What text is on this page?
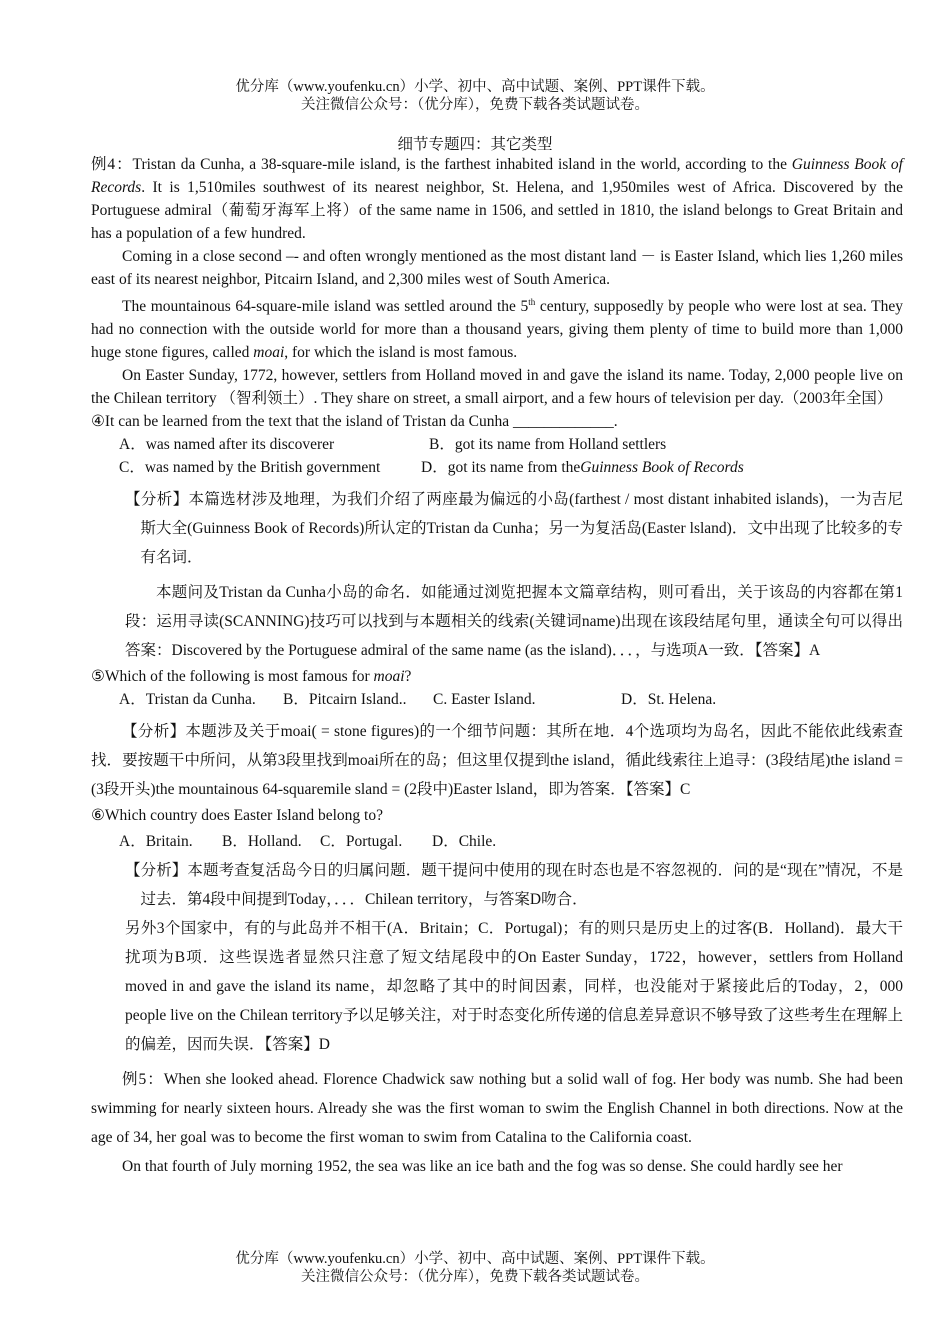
优分库（www.youfenku.cn）小学、初中、高中试题、案例、PPT课件下载。
关注微信公众号：（优分库），免费下载各类试题试卷。
细节专题四：其它类型

例4：Tristan da Cunha, a 38-square-mile island, is the farthest inhabited island in the world, according to the Guinness Book of Records. It is 1,510miles southwest of its nearest neighbor, St. Helena, and 1,950miles west of Africa. Discovered by the Portuguese admiral（葡萄牙海军上将）of the same name in 1506, and settled in 1810, the island belongs to Great Britain and has a population of a few hundred.

Coming in a close second –- and often wrongly mentioned as the most distant land － is Easter Island, which lies 1,260 miles east of its nearest neighbor, Pitcairn Island, and 2,300 miles west of South America.

The mountainous 64-square-mile island was settled around the 5th century, supposedly by people who were lost at sea. They had no connection with the outside world for more than a thousand years, giving them plenty of time to build more than 1,000 huge stone figures, called moai, for which the island is most famous.

On Easter Sunday, 1772, however, settlers from Holland moved in and gave the island its name. Today, 2,000 people live on the Chilean territory （智利领土）. They share on street, a small airport, and a few hours of television per day.（2003年全国）

④It can be learned from the text that the island of Tristan da Cunha _____________.

A．was named after its discoverer	B．got its name from Holland settlers

C．was named by the British government	D．got its name from theGuinness Book of Records

【分析】本篇选材涉及地理，为我们介绍了两座最为偏远的小岛(farthest / most distant inhabited islands)，一为吉尼斯大全(Guinness Book of Records)所认定的Tristan da Cunha；另一为复活岛(Easter lsland)．文中出现了比较多的专有名词．

本题问及Tristan da Cunha小岛的命名．如能通过浏览把握本文篇章结构，则可看出，关于该岛的内容都在第1段：运用寻读(SCANNING)技巧可以找到与本题相关的线索(关键词name)出现在该段结尾句里，通读全句可以得出答案：Discovered by the Portuguese admiral of the same name (as the island)．．．，与选项A一致．【答案】A

⑤Which of the following is most famous for moai?

A．Tristan da Cunha. B．Pitcairn Island.. C. Easter Island.	D．St. Helena.

【分析】本题涉及关于moai( = stone figures)的一个细节问题：其所在地．4个选项均为岛名，因此不能依此线索查找．要按题干中所问，从第3段里找到moai所在的岛；但这里仅提到the island，循此线索往上追寻：(3段结尾)the island = (3段开头)the mountainous 64-squaremile sland = (2段中)Easter lsland，即为答案．【答案】C

⑥Which country does Easter Island belong to?

A．Britain. B．Holland. C．Portugal. D．Chile.

【分析】本题考查复活岛今日的归属问题．题干提问中使用的现在时态也是不容忽视的．问的是“现在”情况，不是过去．第4段中间提到Today，．．．Chilean territory，与答案D吻合．

另外3个国家中，有的与此岛并不相干(A．Britain；C．Portugal)；有的则只是历史上的过客(B．Holland)．最大干扰项为B项．这些误选者显然只注意了短文结尾段中的On Easter Sunday，1722，however，settlers from Holland moved in and gave the island its name，却忽略了其中的时间因素，同样，也没能对于紧接此后的Today，2，000 people live on the Chilean territory予以足够关注，对于时态变化所传递的信息差异意识不够导致了这些考生在理解上的偏差，因而失误．【答案】D

例5：When she looked ahead. Florence Chadwick saw nothing but a solid wall of fog. Her body was numb. She had been swimming for nearly sixteen hours. Already she was the first woman to swim the English Channel in both directions. Now at the age of 34, her goal was to become the first woman to swim from Catalina to the California coast.

On that fourth of July morning 1952, the sea was like an ice bath and the fog was so dense. She could hardly see her

优分库（www.youfenku.cn）小学、初中、高中试题、案例、PPT课件下载。
关注微信公众号：（优分库），免费下载各类试题试卷。
